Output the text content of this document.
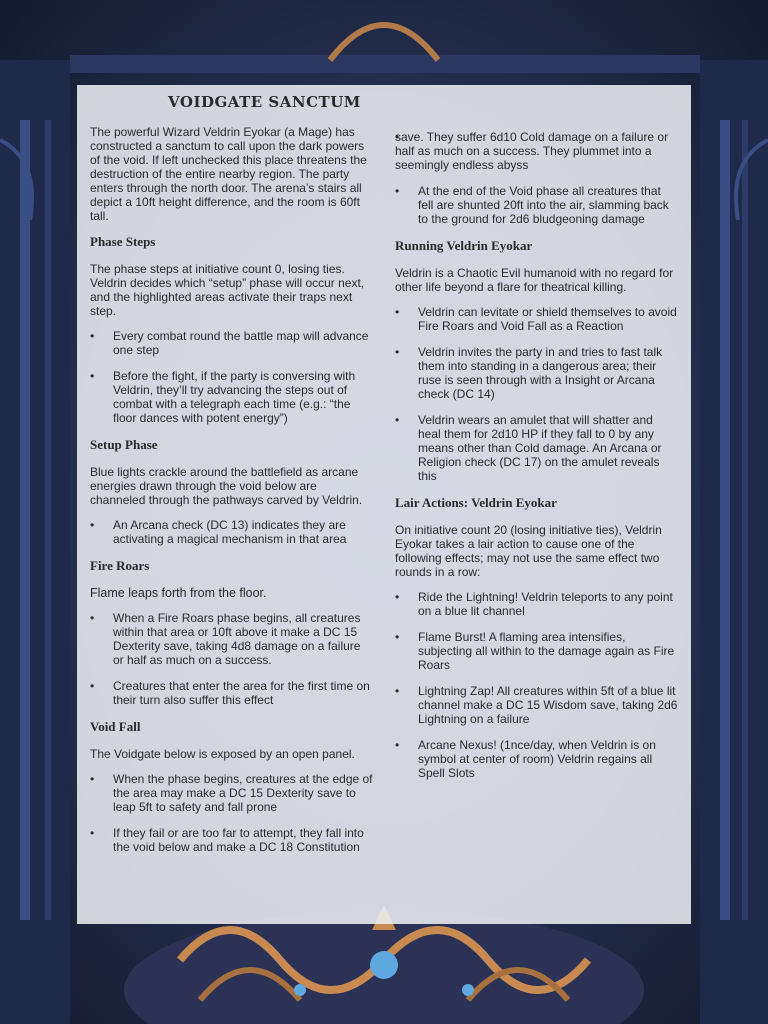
VOIDGATE SANCTUM

The powerful Wizard Veldrin Eyokar (a Mage) has constructed a sanctum to call upon the dark powers of the void. If left unchecked this place threatens the destruction of the entire nearby region. The party enters through the north door. The arena’s stairs all depict a 10ft height difference, and the room is 60ft tall.

Phase Steps

The phase steps at initiative count 0, losing ties. Veldrin decides which “setup” phase will occur next, and the highlighted areas activate their traps next step.

• Every combat round the battle map will advance one step
• Before the fight, if the party is conversing with Veldrin, they’ll try advancing the steps out of combat with a telegraph each time (e.g.: “the floor dances with potent energy”)
Setup Phase

Blue lights crackle around the battlefield as arcane energies drawn through the void below are channeled through the pathways carved by Veldrin.

• An Arcana check (DC 13) indicates they are activating a magical mechanism in that area
Fire Roars

Flame leaps forth from the floor.

• When a Fire Roars phase begins, all creatures within that area or 10ft above it make a DC 15 Dexterity save, taking 4d8 damage on a failure or half as much on a success.
• Creatures that enter the area for the first time on their turn also suffer this effect
Void Fall

The Voidgate below is exposed by an open panel.

• When the phase begins, creatures at the edge of the area may make a DC 15 Dexterity save to leap 5ft to safety and fall prone
• If they fail or are too far to attempt, they fall into the void below and make a DC 18 Constitution
• save. They suffer 6d10 Cold damage on a failure or half as much on a success. They plummet into a seemingly endless abyss
• At the end of the Void phase all creatures that fell are shunted 20ft into the air, slamming back to the ground for 2d6 bludgeoning damage
Running Veldrin Eyokar

Veldrin is a Chaotic Evil humanoid with no regard for other life beyond a flare for theatrical killing.

• Veldrin can levitate or shield themselves to avoid Fire Roars and Void Fall as a Reaction
• Veldrin invites the party in and tries to fast talk them into standing in a dangerous area; their ruse is seen through with a Insight or Arcana check (DC 14)
• Veldrin wears an amulet that will shatter and heal them for 2d10 HP if they fall to 0 by any means other than Cold damage. An Arcana or Religion check (DC 17) on the amulet reveals this
Lair Actions: Veldrin Eyokar

On initiative count 20 (losing initiative ties), Veldrin Eyokar takes a lair action to cause one of the following effects; may not use the same effect two rounds in a row:

• Ride the Lightning! Veldrin teleports to any point on a blue lit channel
• Flame Burst! A flaming area intensifies, subjecting all within to the damage again as Fire Roars
• Lightning Zap! All creatures within 5ft of a blue lit channel make a DC 15 Wisdom save, taking 2d6 Lightning on a failure
• Arcane Nexus! (1nce/day, when Veldrin is on symbol at center of room) Veldrin regains all Spell Slots
